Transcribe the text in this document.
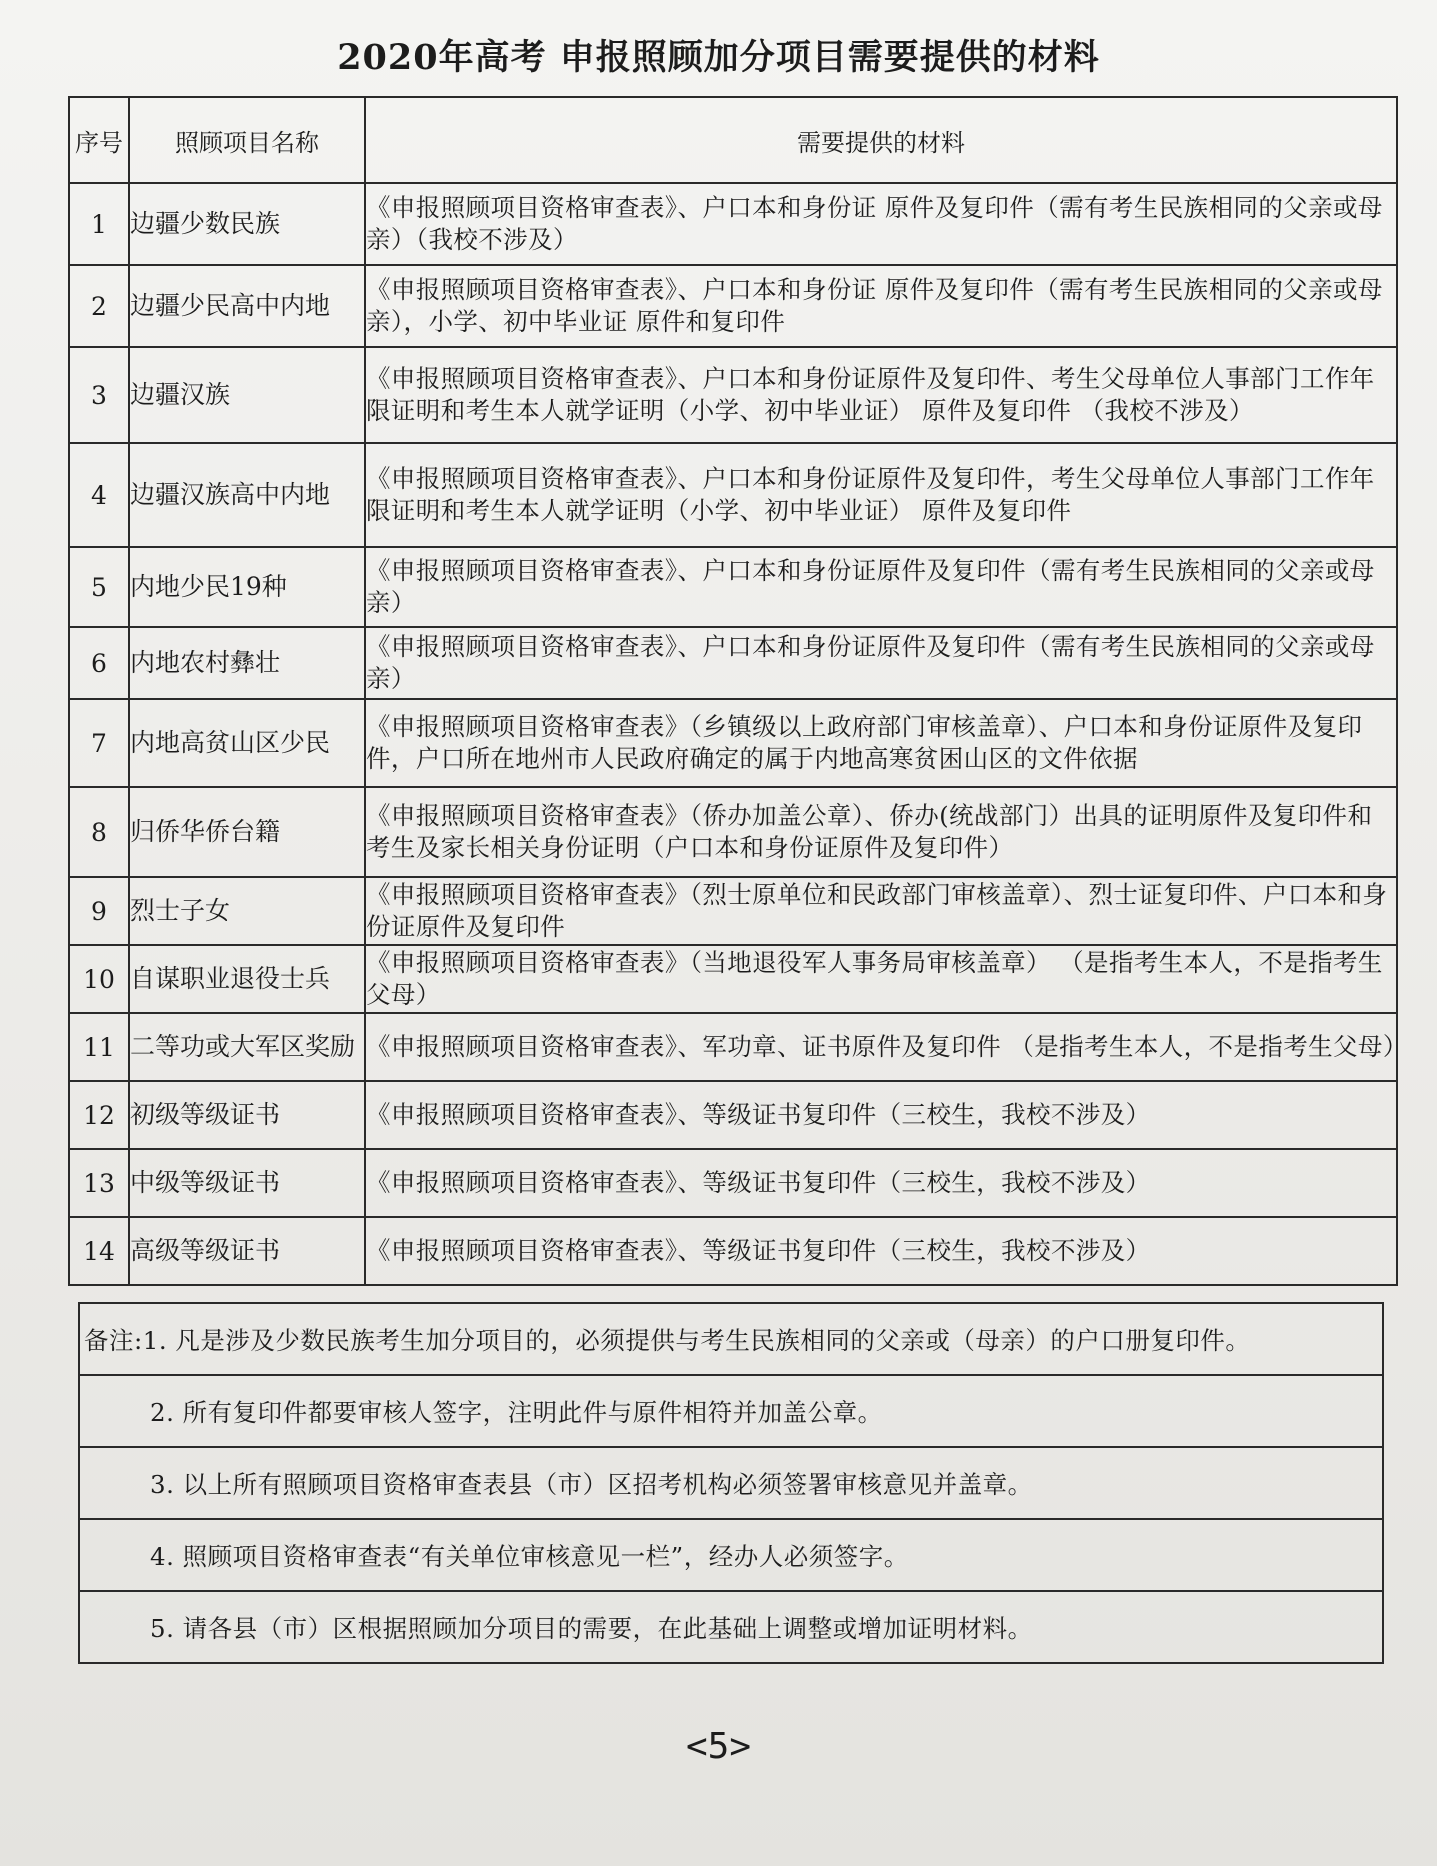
2020年高考 申报照顾加分项目需要提供的材料
序号	照顾项目名称	需要提供的材料
1	边疆少数民族	《申报照顾项目资格审查表》、户口本和身份证 原件及复印件（需有考生民族相同的父亲或母亲）（我校不涉及）
2	边疆少民高中内地	《申报照顾项目资格审查表》、户口本和身份证 原件及复印件（需有考生民族相同的父亲或母亲），小学、初中毕业证 原件和复印件
3	边疆汉族	《申报照顾项目资格审查表》、户口本和身份证原件及复印件、考生父母单位人事部门工作年限证明和考生本人就学证明（小学、初中毕业证） 原件及复印件 （我校不涉及）
4	边疆汉族高中内地	《申报照顾项目资格审查表》、户口本和身份证原件及复印件，考生父母单位人事部门工作年限证明和考生本人就学证明（小学、初中毕业证） 原件及复印件
5	内地少民19种	《申报照顾项目资格审查表》、户口本和身份证原件及复印件（需有考生民族相同的父亲或母亲）
6	内地农村彝壮	《申报照顾项目资格审查表》、户口本和身份证原件及复印件（需有考生民族相同的父亲或母亲）
7	内地高贫山区少民	《申报照顾项目资格审查表》（乡镇级以上政府部门审核盖章）、户口本和身份证原件及复印件，户口所在地州市人民政府确定的属于内地高寒贫困山区的文件依据
8	归侨华侨台籍	《申报照顾项目资格审查表》（侨办加盖公章）、侨办(统战部门）出具的证明原件及复印件和考生及家长相关身份证明（户口本和身份证原件及复印件）
9	烈士子女	《申报照顾项目资格审查表》（烈士原单位和民政部门审核盖章）、烈士证复印件、户口本和身份证原件及复印件
10	自谋职业退役士兵	《申报照顾项目资格审查表》（当地退役军人事务局审核盖章） （是指考生本人，不是指考生父母）
11	二等功或大军区奖励	《申报照顾项目资格审查表》、军功章、证书原件及复印件 （是指考生本人，不是指考生父母）
12	初级等级证书	《申报照顾项目资格审查表》、等级证书复印件（三校生，我校不涉及）
13	中级等级证书	《申报照顾项目资格审查表》、等级证书复印件（三校生，我校不涉及）
14	高级等级证书	《申报照顾项目资格审查表》、等级证书复印件（三校生，我校不涉及）
备注:1. 凡是涉及少数民族考生加分项目的，必须提供与考生民族相同的父亲或（母亲）的户口册复印件。
2. 所有复印件都要审核人签字，注明此件与原件相符并加盖公章。
3. 以上所有照顾项目资格审查表县（市）区招考机构必须签署审核意见并盖章。
4. 照顾项目资格审查表“有关单位审核意见一栏”，经办人必须签字。
5. 请各县（市）区根据照顾加分项目的需要，在此基础上调整或增加证明材料。
<5>
